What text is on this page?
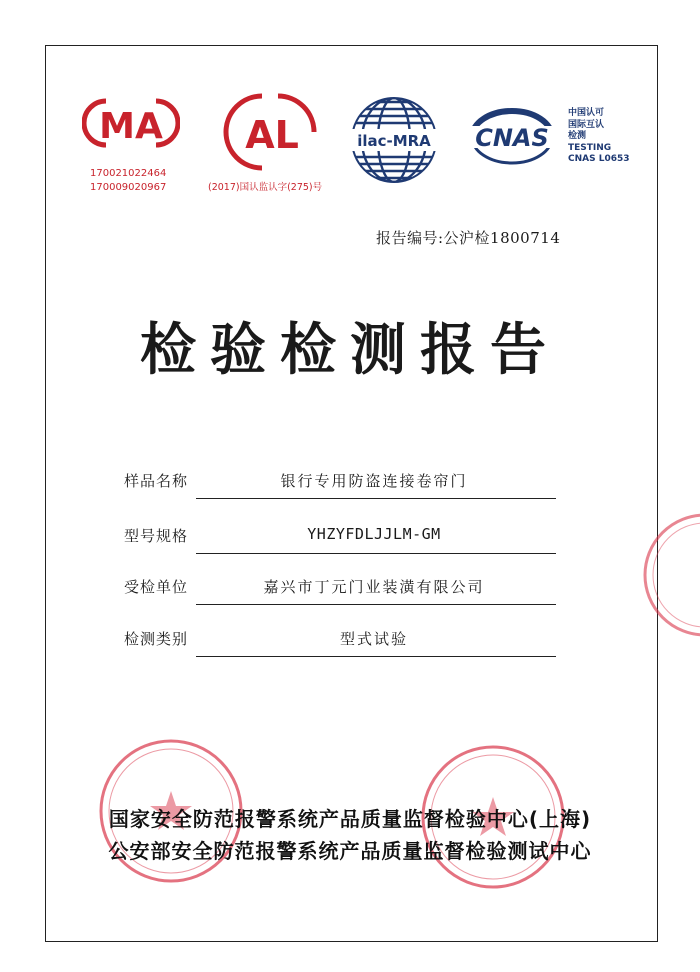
MA
170021022464
170009020967
AL
(2017)国认监认字(275)号
ilac-MRA CNAS
中国认可
国际互认
检测
TESTING
CNAS L0653
报告编号:公沪检1800714
检验检测报告
样品名称	银行专用防盗连接卷帘门
型号规格	YHZYFDLJJLM-GM
受检单位	嘉兴市丁元门业装潢有限公司
检测类别	型式试验
国家安全防范报警系统产品质量监督检验中心(上海)
公安部安全防范报警系统产品质量监督检验测试中心
